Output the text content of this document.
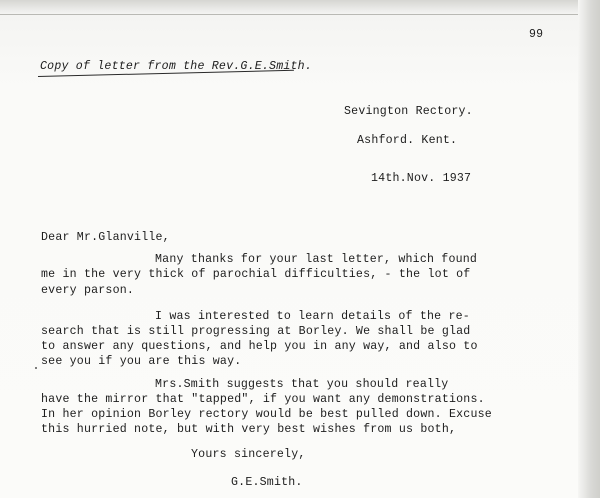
99
Copy of letter from the Rev.G.E.Smith.
Sevington Rectory.
Ashford. Kent.
14th.Nov. 1937
Dear Mr.Glanville,
Many thanks for your last letter, which found
me in the very thick of parochial difficulties, - the lot of
every parson.
I was interested to learn details of the re-
search that is still progressing at Borley. We shall be glad
to answer any questions, and help you in any way, and also to
see you if you are this way.
Mrs.Smith suggests that you should really
have the mirror that "tapped", if you want any demonstrations.
In her opinion Borley rectory would be best pulled down. Excuse
this hurried note, but with very best wishes from us both,
Yours sincerely,
G.E.Smith.
